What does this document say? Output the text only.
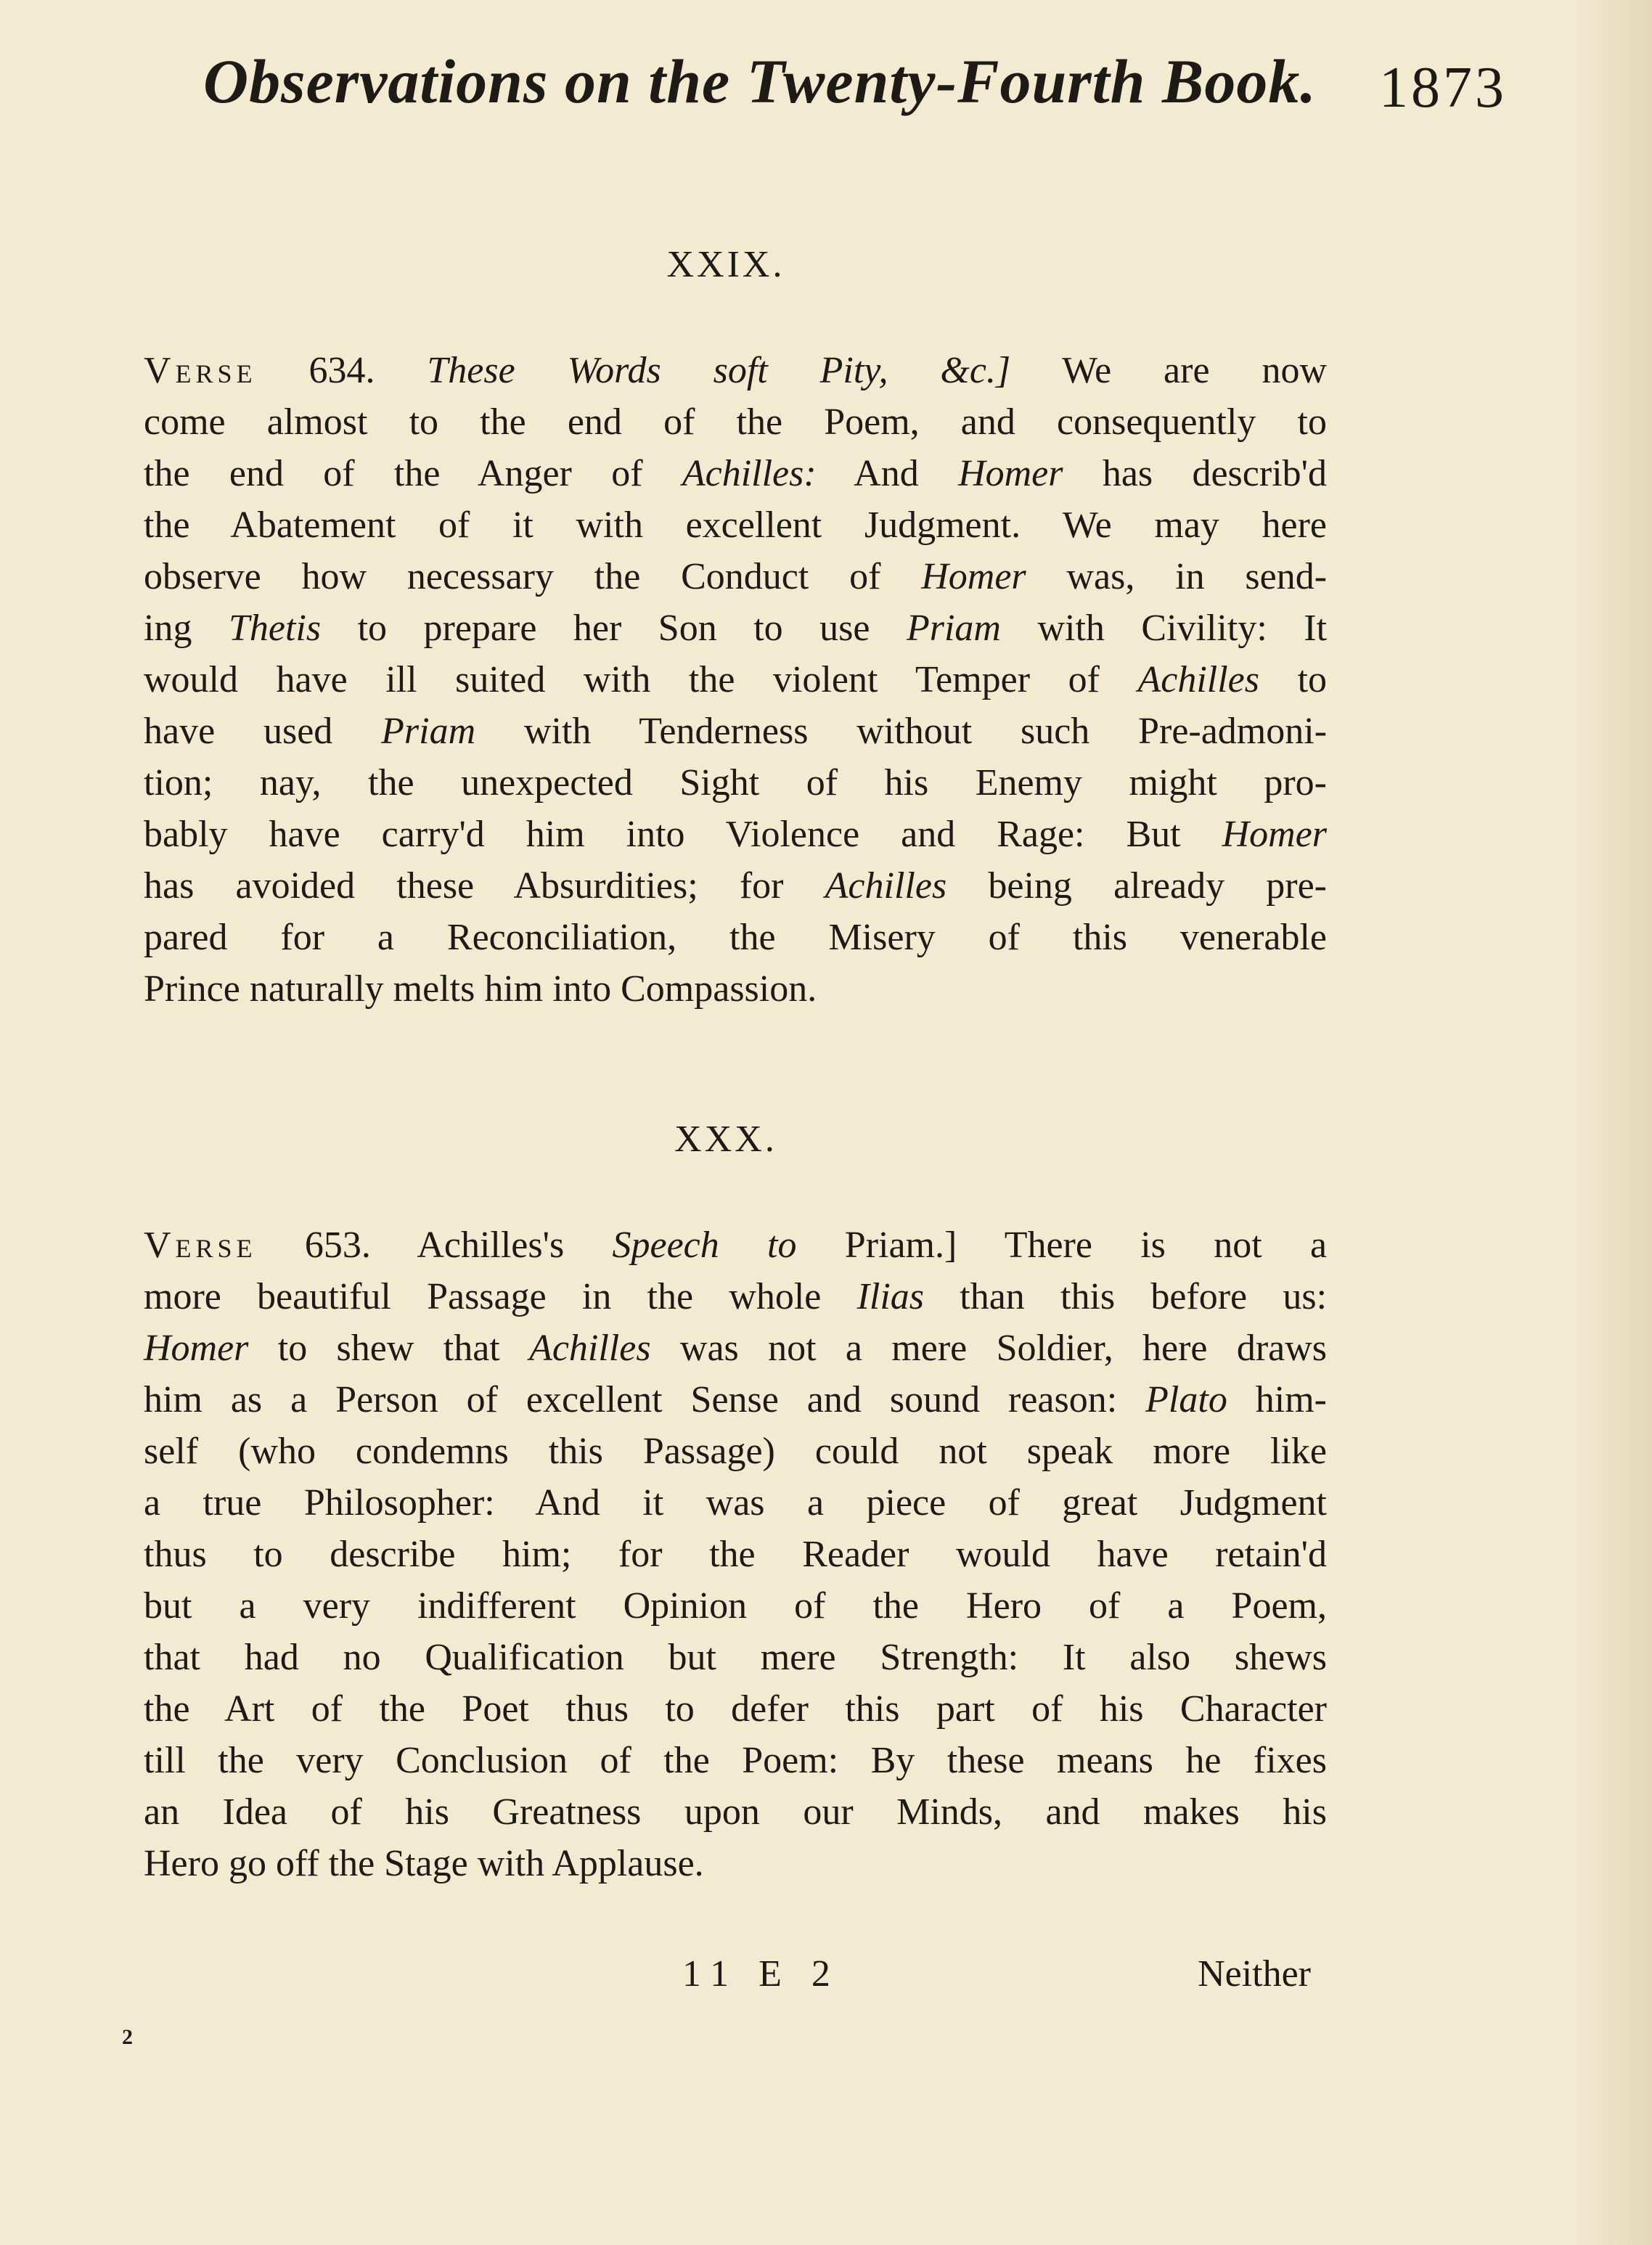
Observations on the Twenty-Fourth Book. 1873
XXIX.

Verse 634. These Words soft Pity, &c.] We are now
come almost to the end of the Poem, and consequently to
the end of the Anger of Achilles: And Homer has describ'd
the Abatement of it with excellent Judgment. We may here
observe how necessary the Conduct of Homer was, in send-
ing Thetis to prepare her Son to use Priam with Civility: It
would have ill suited with the violent Temper of Achilles to
have used Priam with Tenderness without such Pre-admoni-
tion; nay, the unexpected Sight of his Enemy might pro-
bably have carry'd him into Violence and Rage: But Homer
has avoided these Absurdities; for Achilles being already pre-
pared for a Reconciliation, the Misery of this venerable
Prince naturally melts him into Compassion.

XXX.

Verse 653. Achilles's Speech to Priam.] There is not a
more beautiful Passage in the whole Ilias than this before us:
Homer to shew that Achilles was not a mere Soldier, here draws
him as a Person of excellent Sense and sound reason: Plato him-
self (who condemns this Passage) could not speak more like
a true Philosopher: And it was a piece of great Judgment
thus to describe him; for the Reader would have retain'd
but a very indifferent Opinion of the Hero of a Poem,
that had no Qualification but mere Strength: It also shews
the Art of the Poet thus to defer this part of his Character
till the very Conclusion of the Poem: By these means he fixes
an Idea of his Greatness upon our Minds, and makes his
Hero go off the Stage with Applause.

11 E 2	Neither
2
